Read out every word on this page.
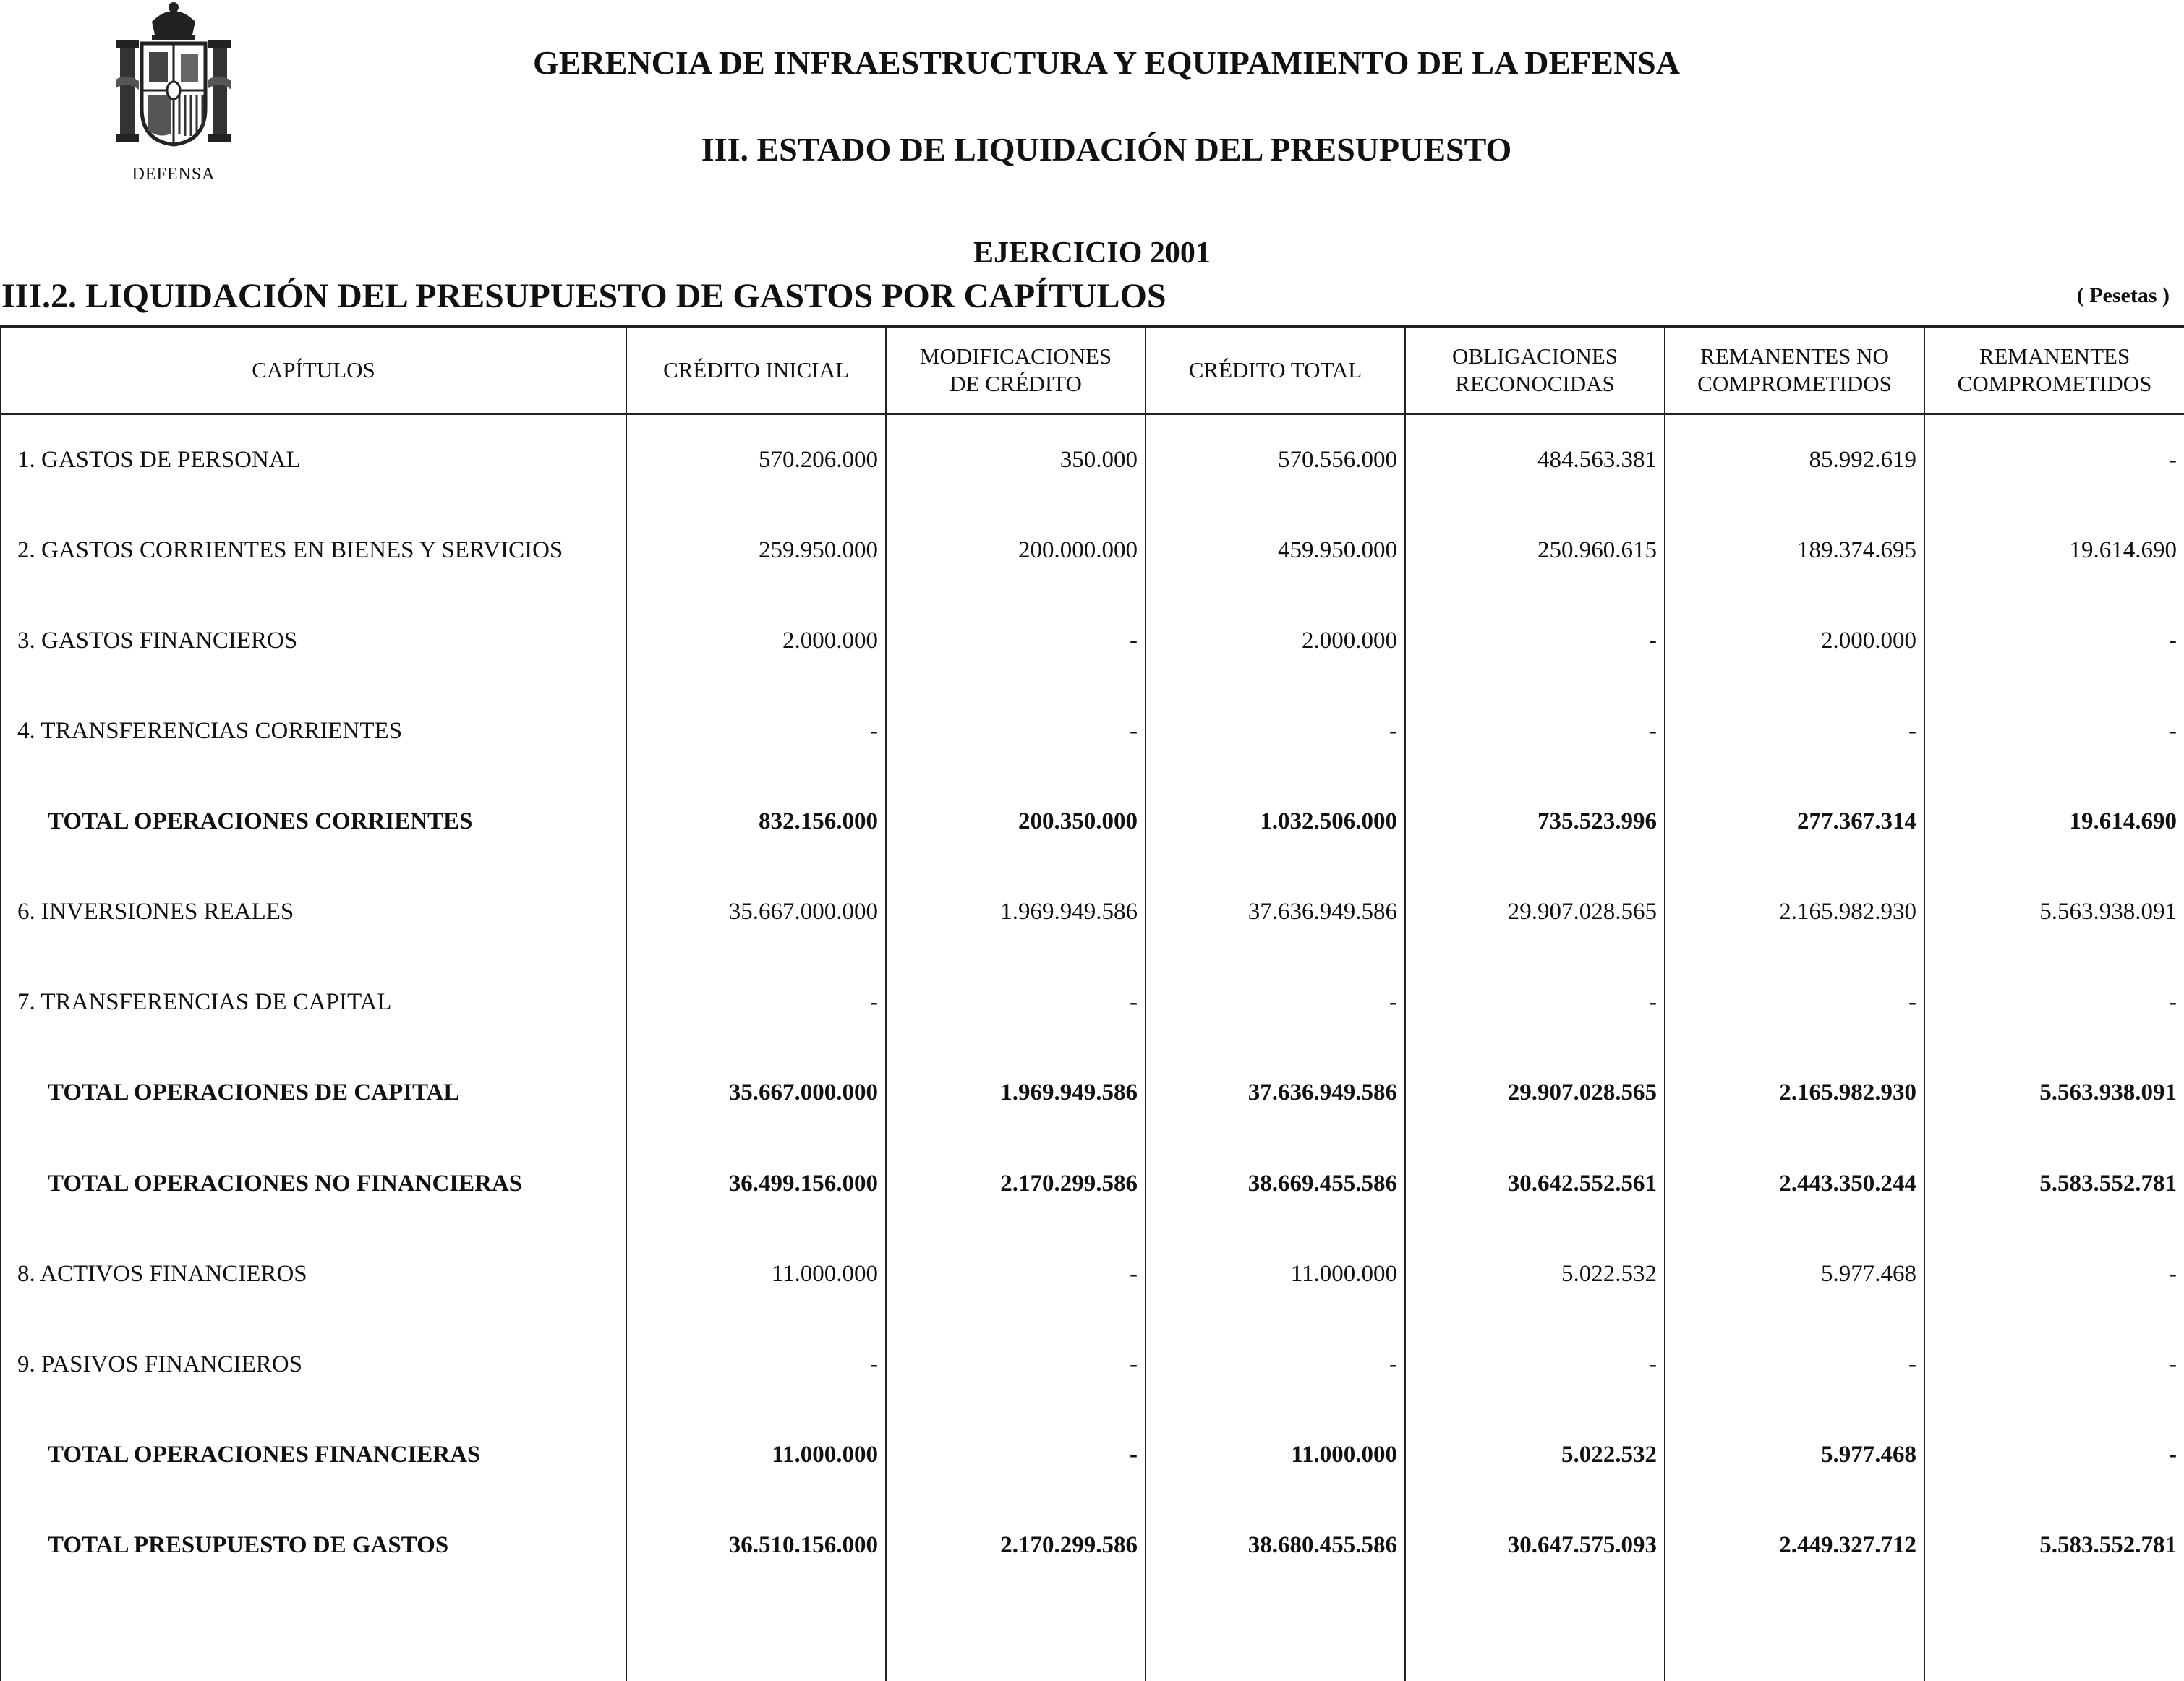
DEFENSA
GERENCIA DE INFRAESTRUCTURA Y EQUIPAMIENTO DE LA DEFENSA
III. ESTADO DE LIQUIDACIÓN DEL PRESUPUESTO
EJERCICIO 2001
III.2. LIQUIDACIÓN DEL PRESUPUESTO DE GASTOS POR CAPÍTULOS	( Pesetas )
CAPÍTULOS	CRÉDITO INICIAL	MODIFICACIONES DE CRÉDITO	CRÉDITO TOTAL	OBLIGACIONES RECONOCIDAS	REMANENTES NO COMPROMETIDOS	REMANENTES COMPROMETIDOS
1. GASTOS DE PERSONAL	570.206.000	350.000	570.556.000	484.563.381	85.992.619	-
2. GASTOS CORRIENTES EN BIENES Y SERVICIOS	259.950.000	200.000.000	459.950.000	250.960.615	189.374.695	19.614.690
3. GASTOS FINANCIEROS	2.000.000	-	2.000.000	-	2.000.000	-
4. TRANSFERENCIAS CORRIENTES	-	-	-	-	-	-
TOTAL OPERACIONES CORRIENTES	832.156.000	200.350.000	1.032.506.000	735.523.996	277.367.314	19.614.690
6. INVERSIONES REALES	35.667.000.000	1.969.949.586	37.636.949.586	29.907.028.565	2.165.982.930	5.563.938.091
7. TRANSFERENCIAS DE CAPITAL	-	-	-	-	-	-
TOTAL OPERACIONES DE CAPITAL	35.667.000.000	1.969.949.586	37.636.949.586	29.907.028.565	2.165.982.930	5.563.938.091
TOTAL OPERACIONES NO FINANCIERAS	36.499.156.000	2.170.299.586	38.669.455.586	30.642.552.561	2.443.350.244	5.583.552.781
8. ACTIVOS FINANCIEROS	11.000.000	-	11.000.000	5.022.532	5.977.468	-
9. PASIVOS FINANCIEROS	-	-	-	-	-	-
TOTAL OPERACIONES FINANCIERAS	11.000.000	-	11.000.000	5.022.532	5.977.468	-
TOTAL PRESUPUESTO DE GASTOS	36.510.156.000	2.170.299.586	38.680.455.586	30.647.575.093	2.449.327.712	5.583.552.781
